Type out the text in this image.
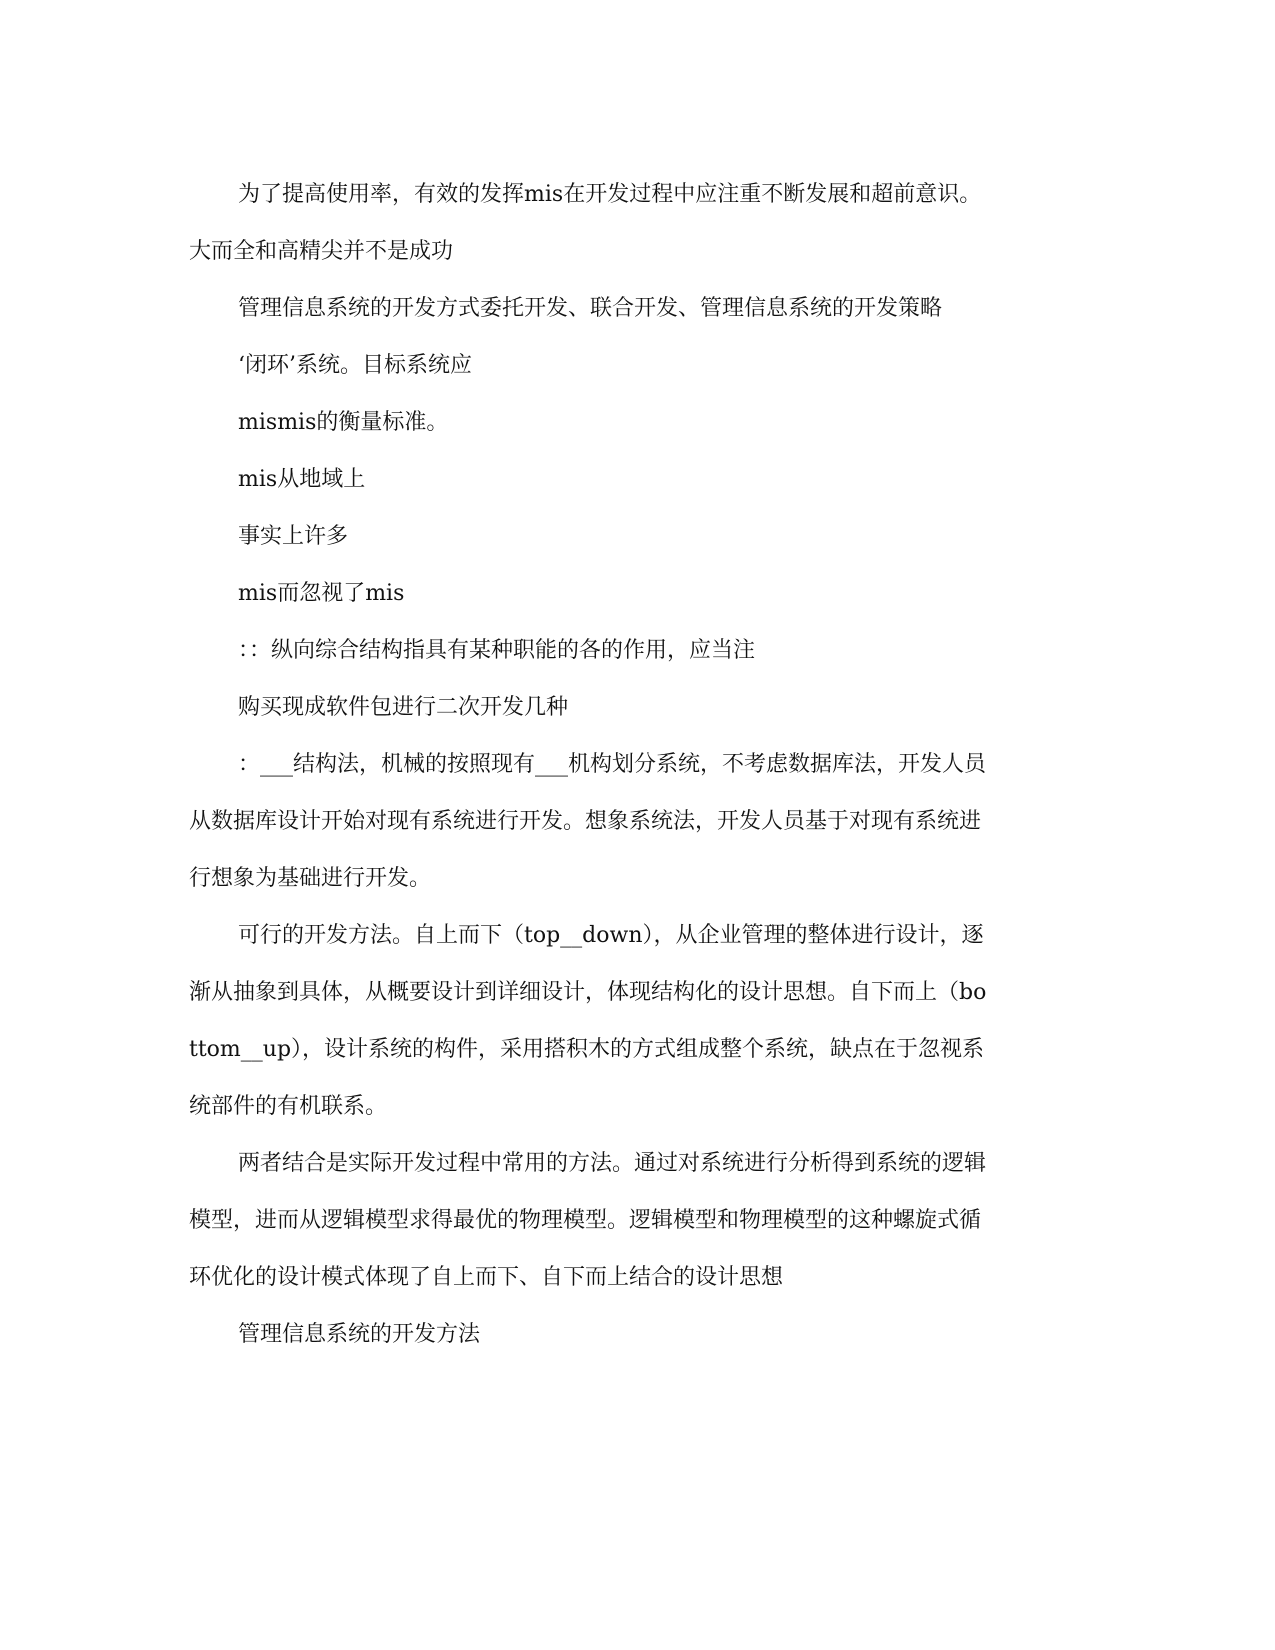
为了提高使用率，有效的发挥mis在开发过程中应注重不断发展和超前意识。
大而全和高精尖并不是成功
管理信息系统的开发方式委托开发、联合开发、管理信息系统的开发策略
‘闭环’系统。目标系统应
mismis的衡量标准。
mis从地域上
事实上许多
mis而忽视了mis
：：纵向综合结构指具有某种职能的各的作用，应当注
购买现成软件包进行二次开发几种
：___结构法，机械的按照现有___机构划分系统，不考虑数据库法，开发人员
从数据库设计开始对现有系统进行开发。想象系统法，开发人员基于对现有系统进
行想象为基础进行开发。
可行的开发方法。自上而下（top__down），从企业管理的整体进行设计，逐
渐从抽象到具体，从概要设计到详细设计，体现结构化的设计思想。自下而上（bo
ttom__up），设计系统的构件，采用搭积木的方式组成整个系统，缺点在于忽视系
统部件的有机联系。
两者结合是实际开发过程中常用的方法。通过对系统进行分析得到系统的逻辑
模型，进而从逻辑模型求得最优的物理模型。逻辑模型和物理模型的这种螺旋式循
环优化的设计模式体现了自上而下、自下而上结合的设计思想
管理信息系统的开发方法
